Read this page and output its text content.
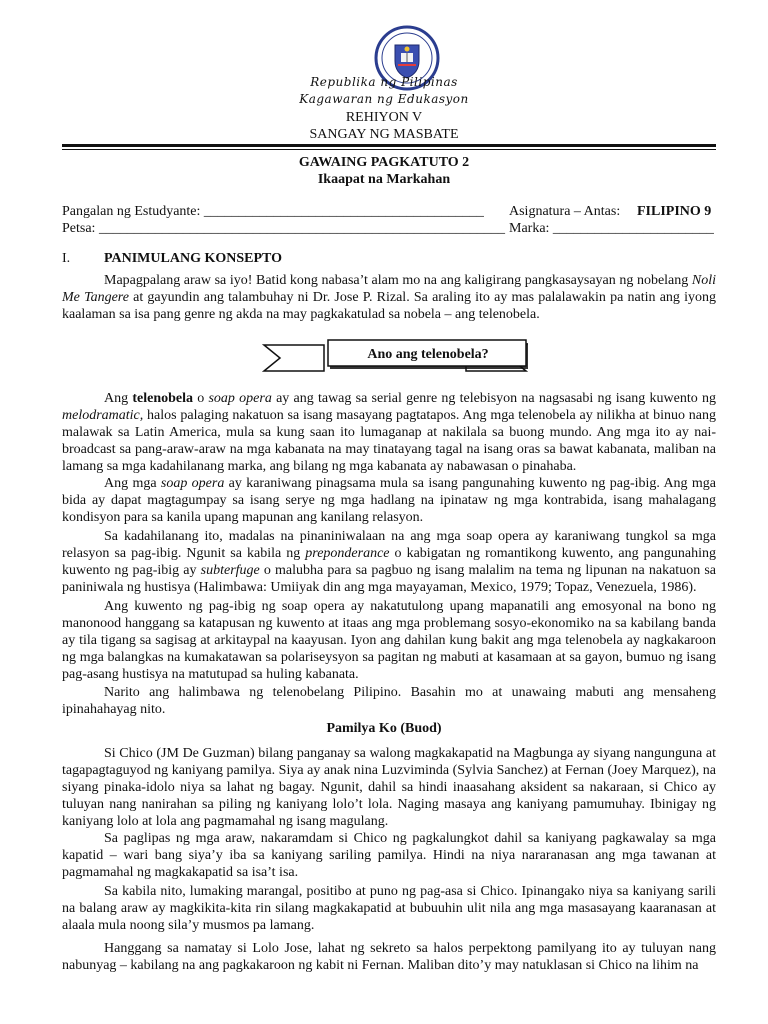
Republika ng Pilipinas
Kagawaran ng Edukasyon
REHIYON V
SANGAY NG MASBATE
GAWAING PAGKATUTO 2
Ikaapat na Markahan
Pangalan ng Estudyante: ________________________________________ Asignatura – Antas: FILIPINO 9
Petsa: __________________________________________________________ Marka: _______________________
I. PANIMULANG KONSEPTO

Mapagpalang araw sa iyo! Batid kong nabasa’t alam mo na ang kaligirang pangkasaysayan ng nobelang Noli Me Tangere at gayundin ang talambuhay ni Dr. Jose P. Rizal. Sa araling ito ay mas palalawakin pa natin ang iyong kaalaman sa isa pang genre ng akda na may pagkakatulad sa nobela – ang telenobela.

Ano ang telenobela?

Ang telenobela o soap opera ay ang tawag sa serial genre ng telebisyon na nagsasabi ng isang kuwento ng melodramatic, halos palaging nakatuon sa isang masayang pagtatapos. Ang mga telenobela ay nilikha at binuo nang malawak sa Latin America, mula sa kung saan ito lumaganap at nakilala sa buong mundo. Ang mga ito ay nai-broadcast sa pang-araw-araw na mga kabanata na may tinatayang tagal na isang oras sa bawat kabanata, maliban na lamang sa mga kadahilanang marka, ang bilang ng mga kabanata ay nabawasan o pinahaba.

Ang mga soap opera ay karaniwang pinagsama mula sa isang pangunahing kuwento ng pag-ibig. Ang mga bida ay dapat magtagumpay sa isang serye ng mga hadlang na ipinataw ng mga kontrabida, isang mahalagang kondisyon para sa kanila upang mapunan ang kanilang relasyon.

Sa kadahilanang ito, madalas na pinaniniwalaan na ang mga soap opera ay karaniwang tungkol sa mga relasyon sa pag-ibig. Ngunit sa kabila ng preponderance o kabigatan ng romantikong kuwento, ang pangunahing kuwento ng pag-ibig ay subterfuge o malubha para sa pagbuo ng isang malalim na tema ng lipunan na nakatuon sa paniniwala ng hustisya (Halimbawa: Umiiyak din ang mga mayayaman, Mexico, 1979; Topaz, Venezuela, 1986).

Ang kuwento ng pag-ibig ng soap opera ay nakatutulong upang mapanatili ang emosyonal na bono ng manonood hanggang sa katapusan ng kuwento at itaas ang mga problemang sosyo-ekonomiko na sa kabilang banda ay tila tigang sa sagisag at arkitaypal na kaayusan. Iyon ang dahilan kung bakit ang mga telenobela ay nagkakaroon ng mga balangkas na kumakatawan sa polariseysyon sa pagitan ng mabuti at kasamaan at sa gayon, bumuo ng isang pag-asang hustisya na matutupad sa huling kabanata.

Narito ang halimbawa ng telenobelang Pilipino. Basahin mo at unawaing mabuti ang mensaheng ipinahahayag nito.

Pamilya Ko (Buod)

Si Chico (JM De Guzman) bilang panganay sa walong magkakapatid na Magbunga ay siyang nangunguna at tagapagtaguyod ng kaniyang pamilya. Siya ay anak nina Luzviminda (Sylvia Sanchez) at Fernan (Joey Marquez), na siyang pinaka-idolo niya sa lahat ng bagay. Ngunit, dahil sa hindi inaasahang aksident sa nakaraan, si Chico ay tuluyan nang nanirahan sa piling ng kaniyang lolo’t lola. Naging masaya ang kaniyang pamumuhay. Ibinigay ng kaniyang lolo at lola ang pagmamahal ng isang magulang.

Sa paglipas ng mga araw, nakaramdam si Chico ng pagkalungkot dahil sa kaniyang pagkawalay sa mga kapatid – wari bang siya’y iba sa kaniyang sariling pamilya. Hindi na niya nararanasan ang mga tawanan at pagmamahal ng magkakapatid sa isa’t isa.

Sa kabila nito, lumaking marangal, positibo at puno ng pag-asa si Chico. Ipinangako niya sa kaniyang sarili na balang araw ay magkikita-kita rin silang magkakapatid at bubuuhin ulit nila ang mga masasayang kaaranasan at alaala mula noong sila’y musmos pa lamang.

Hanggang sa namatay si Lolo Jose, lahat ng sekreto sa halos perpektong pamilyang ito ay tuluyan nang nabunyag – kabilang na ang pagkakaroon ng kabit ni Fernan. Maliban dito’y may natuklasan si Chico na lihim na
